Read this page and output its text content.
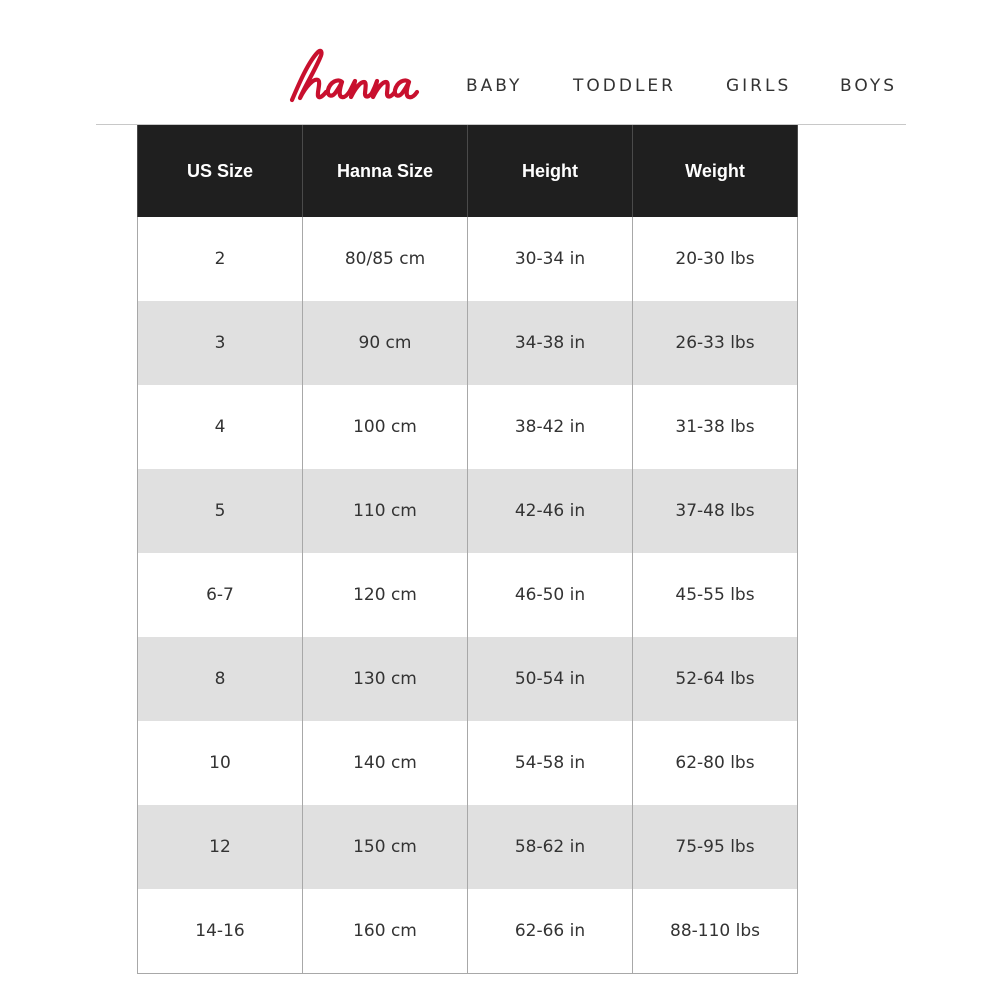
BABY	TODDLER	GIRLS	BOYS
US Size	Hanna Size	Height	Weight
2	80/85 cm	30-34 in	20-30 lbs
3	90 cm	34-38 in	26-33 lbs
4	100 cm	38-42 in	31-38 lbs
5	110 cm	42-46 in	37-48 lbs
6-7	120 cm	46-50 in	45-55 lbs
8	130 cm	50-54 in	52-64 lbs
10	140 cm	54-58 in	62-80 lbs
12	150 cm	58-62 in	75-95 lbs
14-16	160 cm	62-66 in	88-110 lbs
